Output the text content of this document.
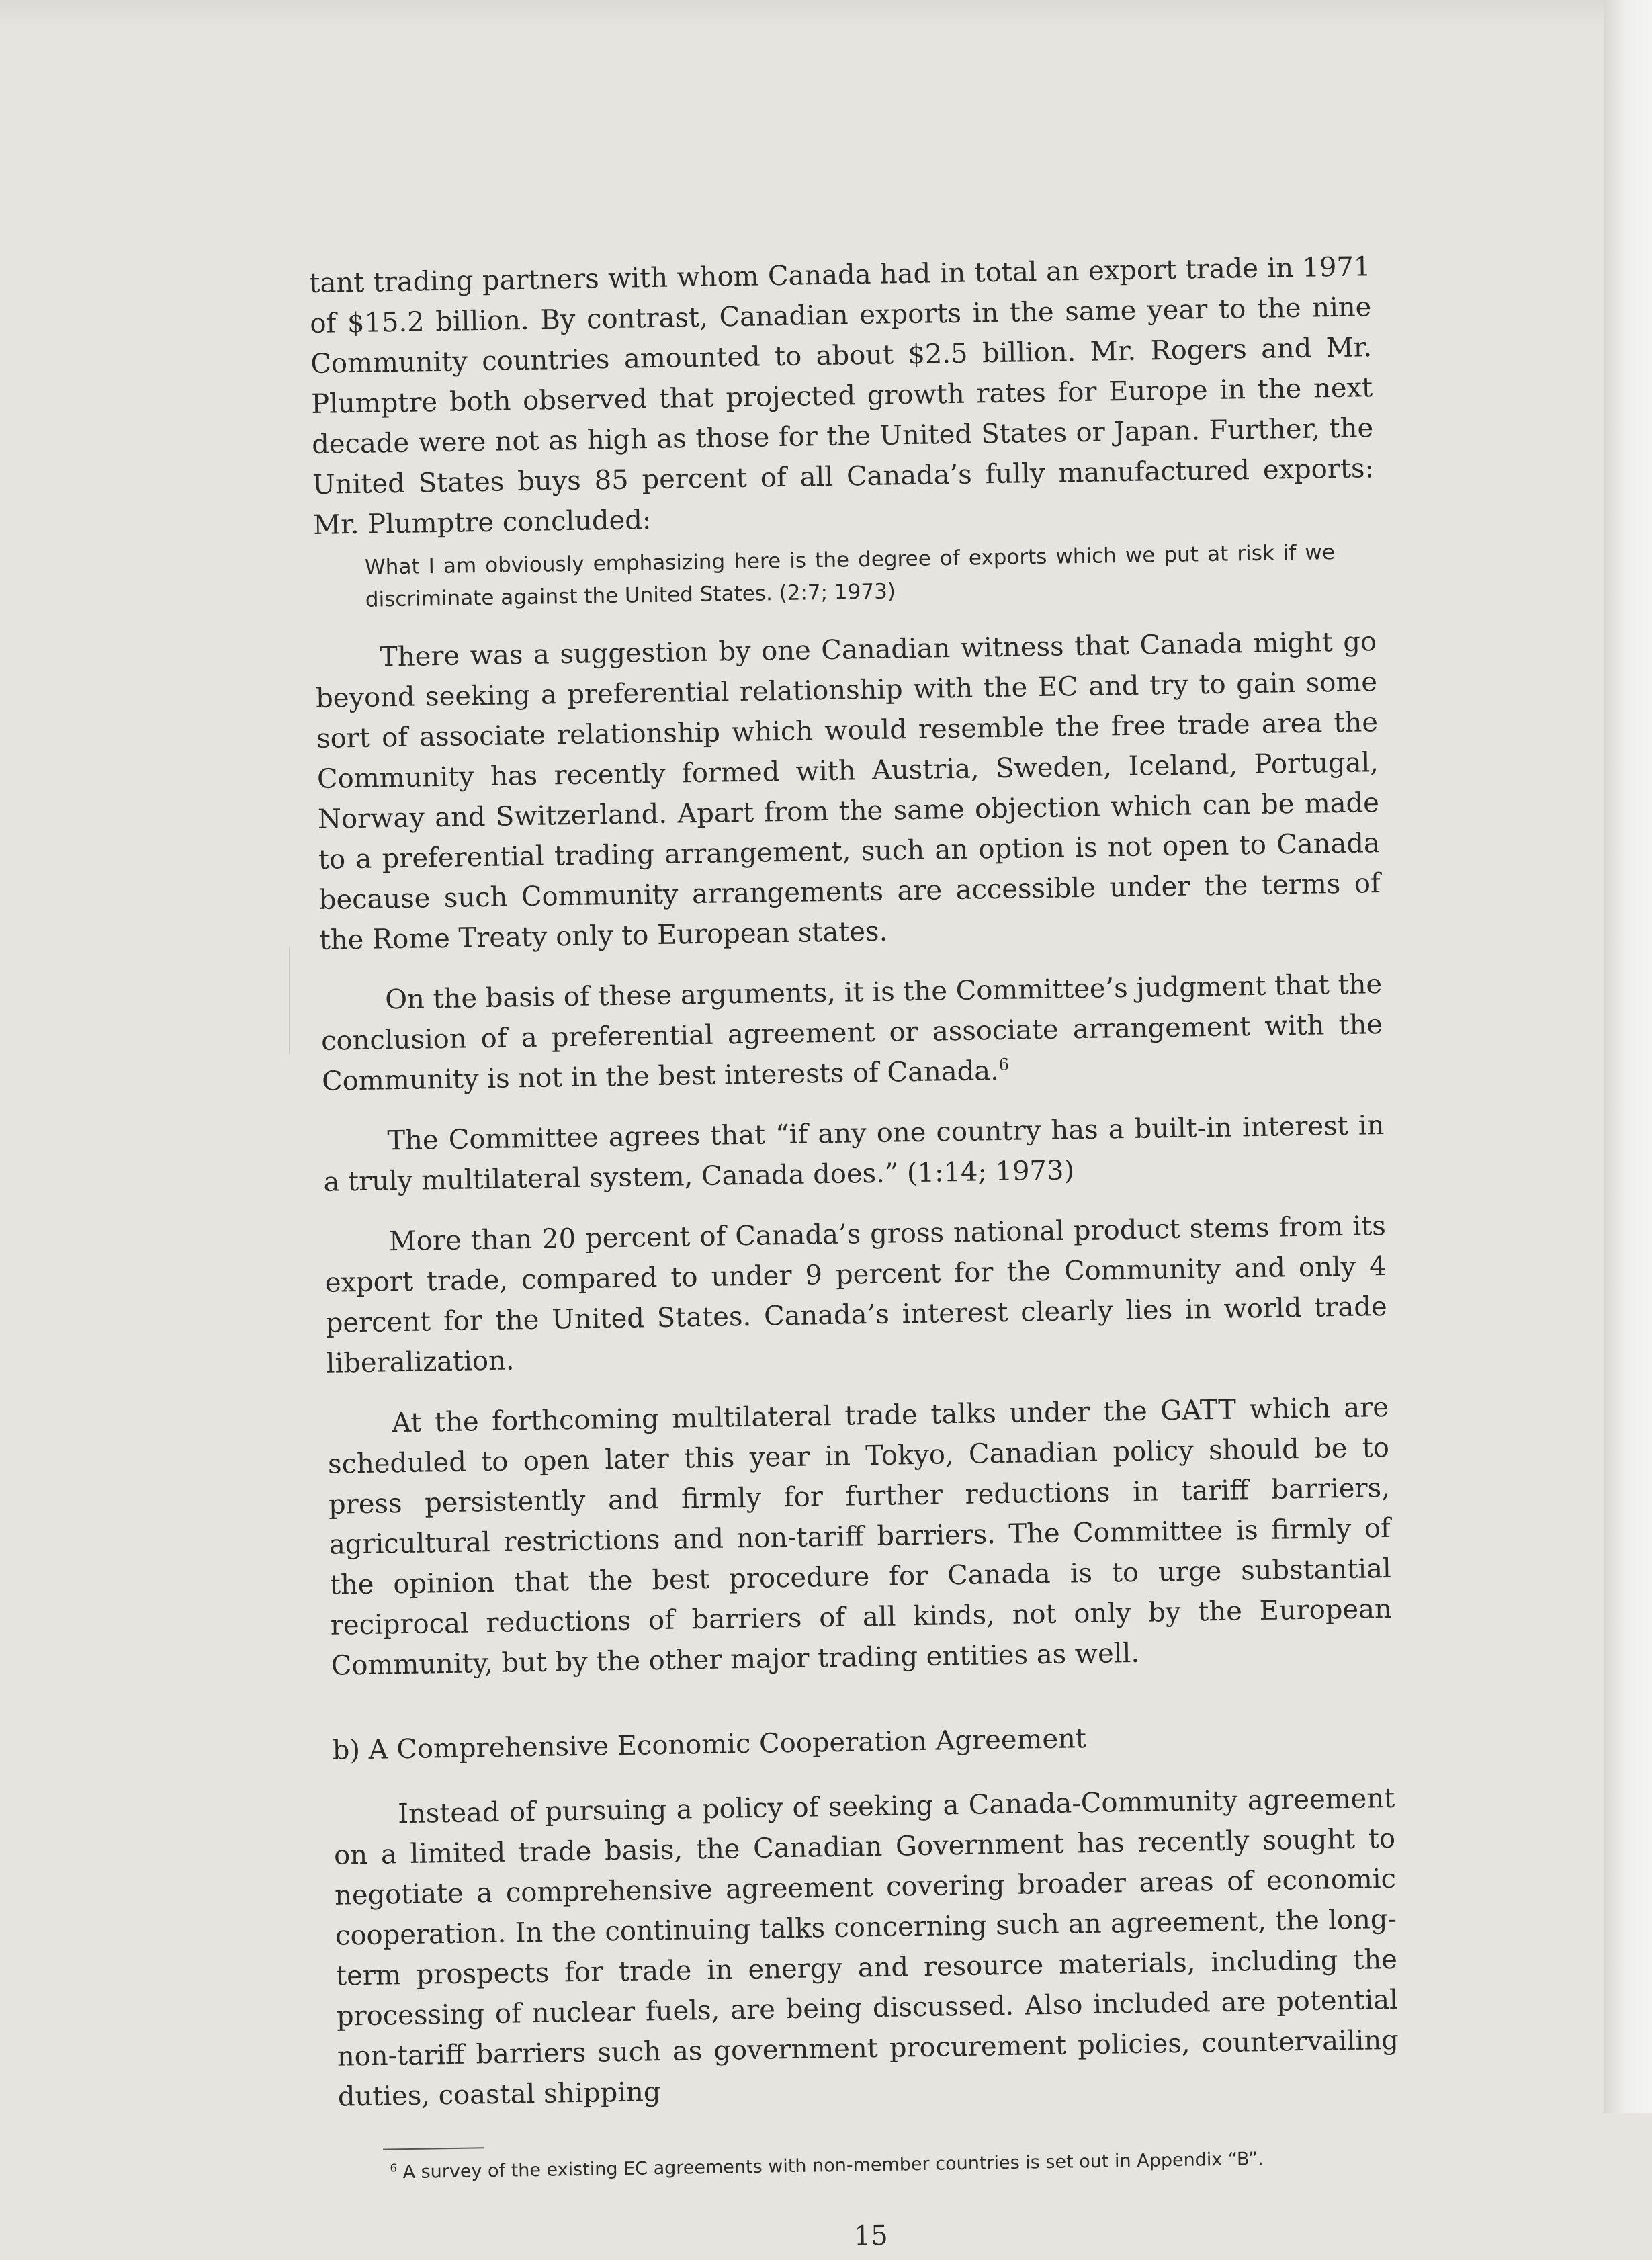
tant trading partners with whom Canada had in total an export trade in 1971 of $15.2 billion. By contrast, Canadian exports in the same year to the nine Community countries amounted to about $2.5 billion. Mr. Rogers and Mr. Plumptre both observed that projected growth rates for Europe in the next decade were not as high as those for the United States or Japan. Further, the United States buys 85 percent of all Canada’s fully manufactured exports: Mr. Plumptre concluded:

What I am obviously emphasizing here is the degree of exports which we put at risk if we discriminate against the United States. (2:7; 1973)

There was a suggestion by one Canadian witness that Canada might go beyond seeking a preferential relationship with the EC and try to gain some sort of associate relationship which would resemble the free trade area the Community has recently formed with Austria, Sweden, Iceland, Portugal, Norway and Switzerland. Apart from the same objection which can be made to a preferential trading arrangement, such an option is not open to Canada because such Community arrangements are accessible under the terms of the Rome Treaty only to European states.

On the basis of these arguments, it is the Committee’s judgment that the conclusion of a preferential agreement or associate arrangement with the Community is not in the best interests of Canada.$^6$

The Committee agrees that “if any one country has a built-in interest in a truly multilateral system, Canada does.” (1:14; 1973)

More than 20 percent of Canada’s gross national product stems from its export trade, compared to under 9 percent for the Community and only 4 percent for the United States. Canada’s interest clearly lies in world trade liberalization.

At the forthcoming multilateral trade talks under the GATT which are scheduled to open later this year in Tokyo, Canadian policy should be to press persistently and firmly for further reductions in tariff barriers, agricultural restrictions and non-tariff barriers. The Committee is firmly of the opinion that the best procedure for Canada is to urge substantial reciprocal reductions of barriers of all kinds, not only by the European Community, but by the other major trading entities as well.

b) A Comprehensive Economic Cooperation Agreement

Instead of pursuing a policy of seeking a Canada-Community agreement on a limited trade basis, the Canadian Government has recently sought to negotiate a comprehensive agreement covering broader areas of economic cooperation. In the continuing talks concerning such an agreement, the long-term prospects for trade in energy and resource materials, including the processing of nuclear fuels, are being discussed. Also included are potential non-tariff barriers such as government procurement policies, countervailing duties, coastal shipping

$^6$ A survey of the existing EC agreements with non-member countries is set out in Appendix “B”.

15
